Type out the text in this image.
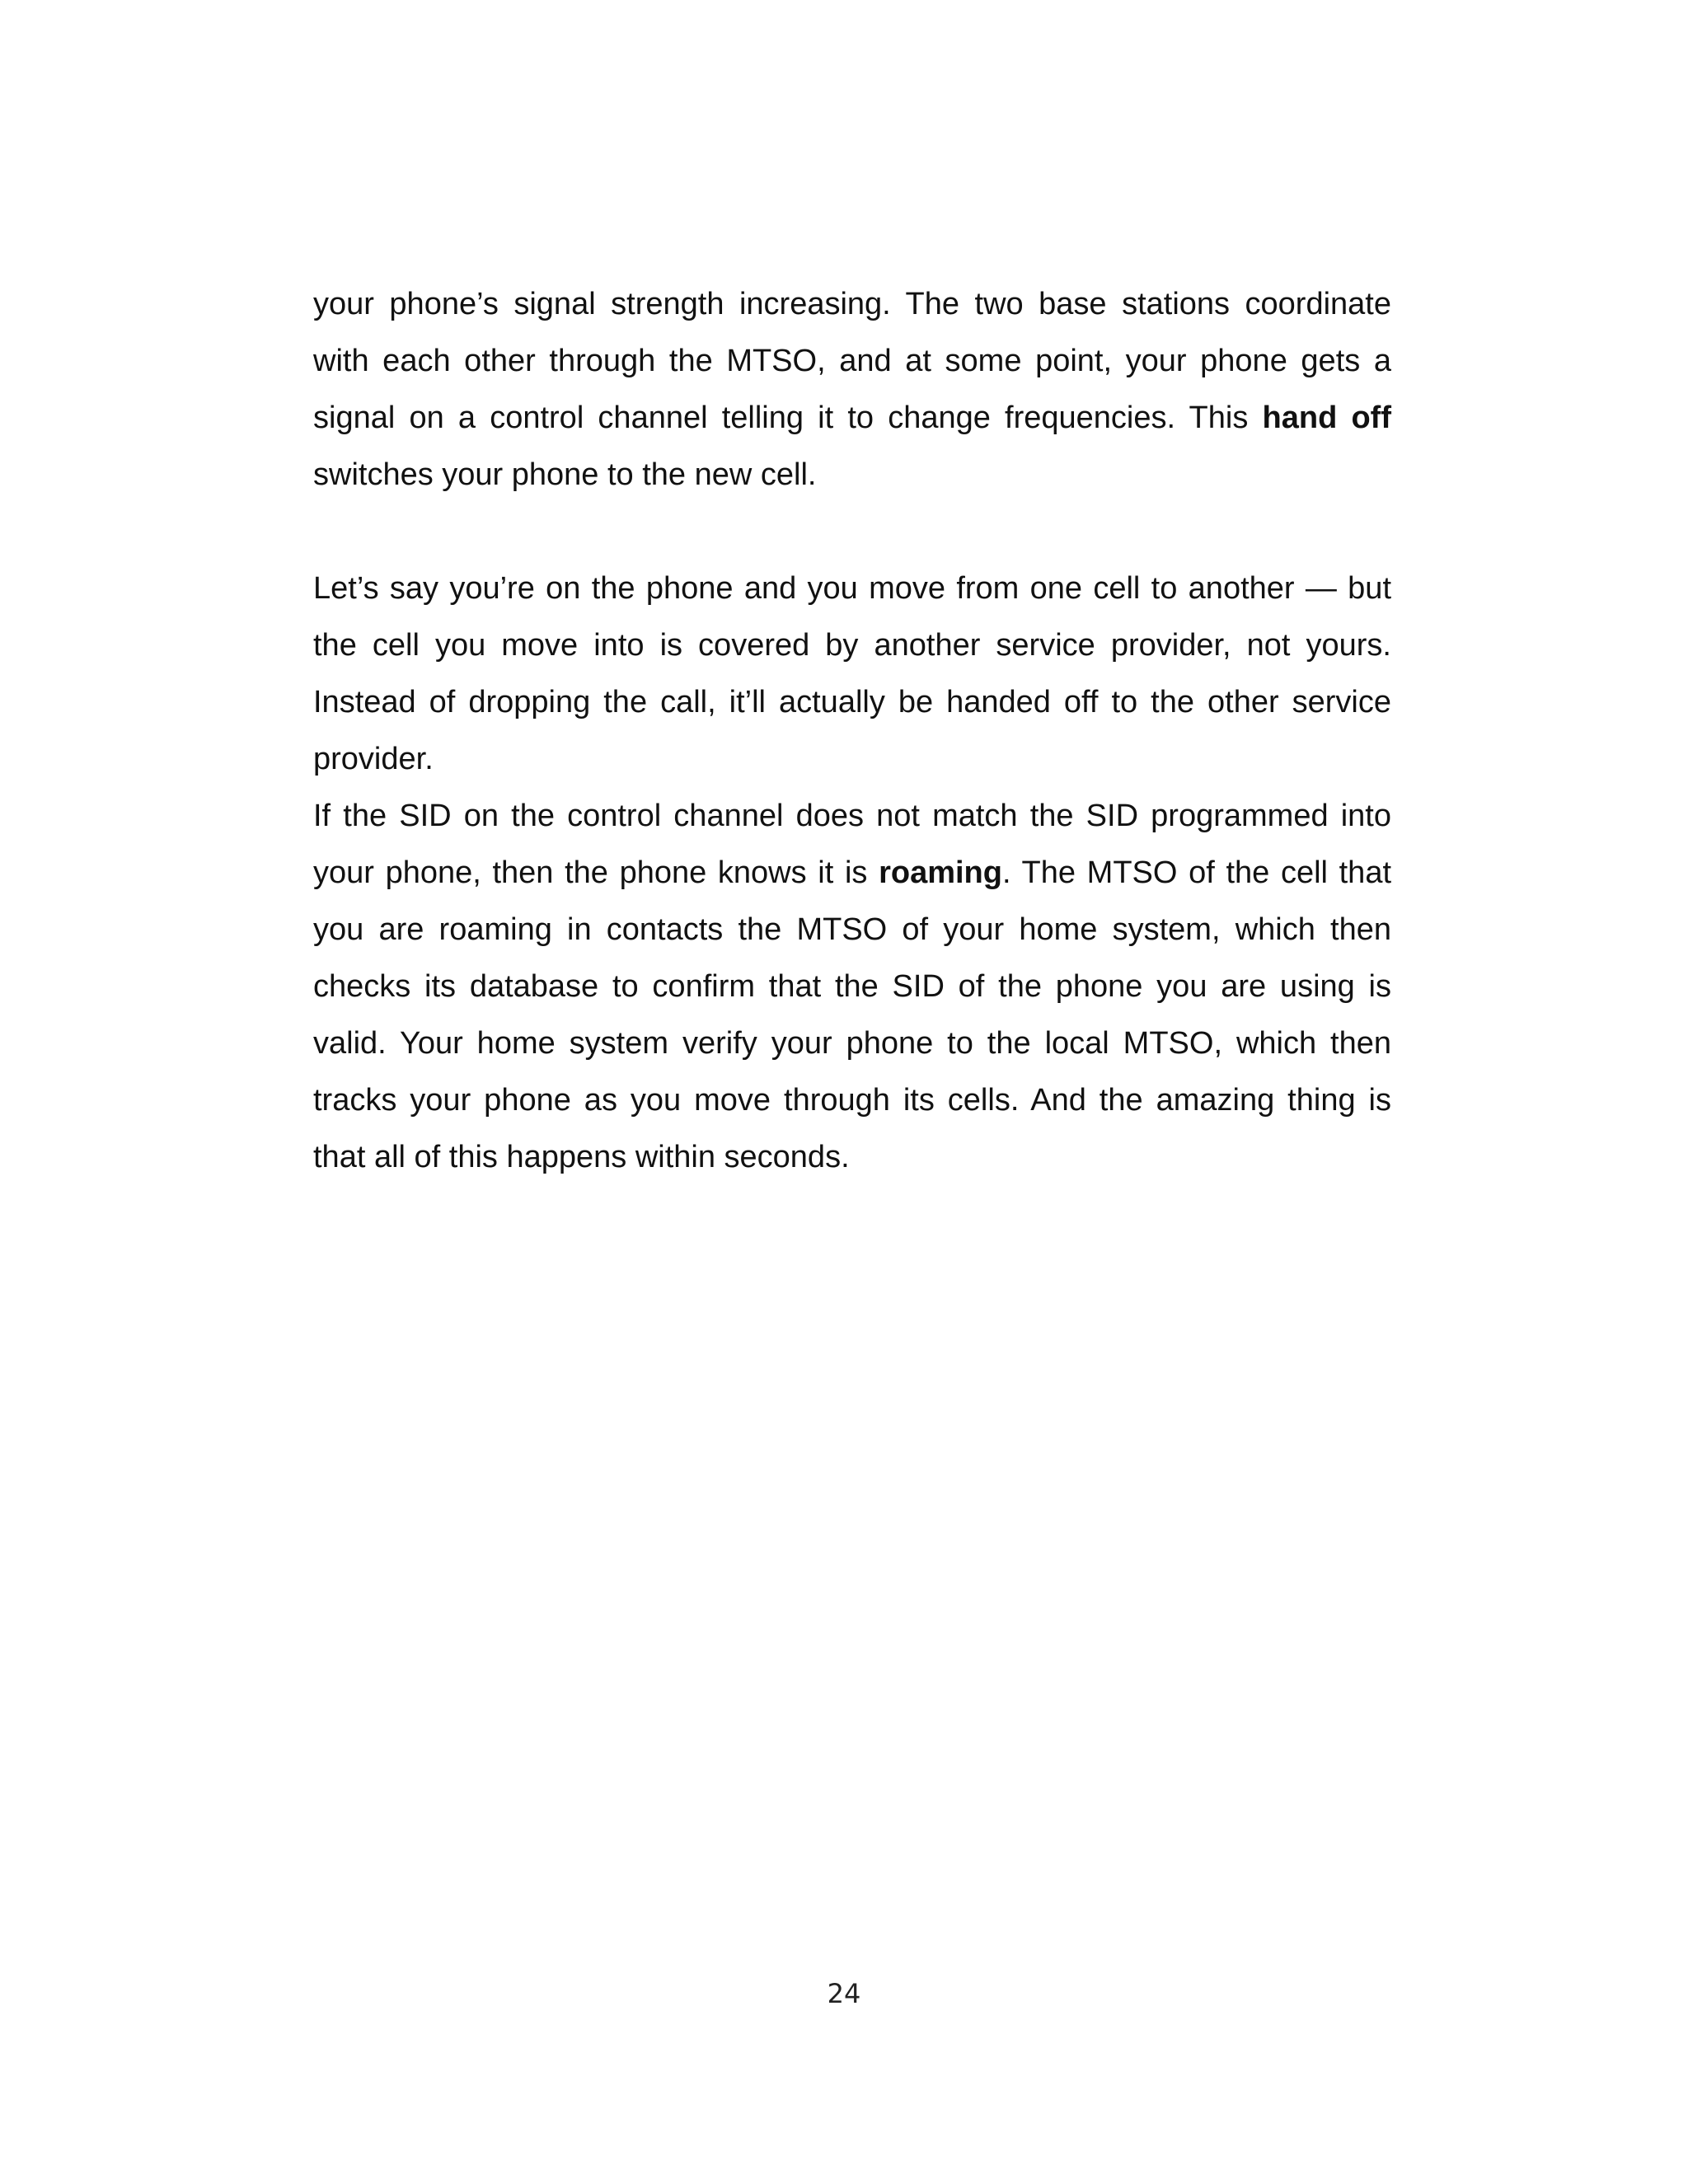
your phone’s signal strength increasing. The two base stations coordinate with each other through the MTSO, and at some point, your phone gets a signal on a control channel telling it to change frequencies. This hand off switches your phone to the new cell.

Let’s say you’re on the phone and you move from one cell to another — but the cell you move into is covered by another service provider, not yours. Instead of dropping the call, it’ll actually be handed off to the other service provider.

If the SID on the control channel does not match the SID programmed into your phone, then the phone knows it is roaming. The MTSO of the cell that you are roaming in contacts the MTSO of your home system, which then checks its database to confirm that the SID of the phone you are using is valid. Your home system verify your phone to the local MTSO, which then tracks your phone as you move through its cells. And the amazing thing is that all of this happens within seconds.

24
